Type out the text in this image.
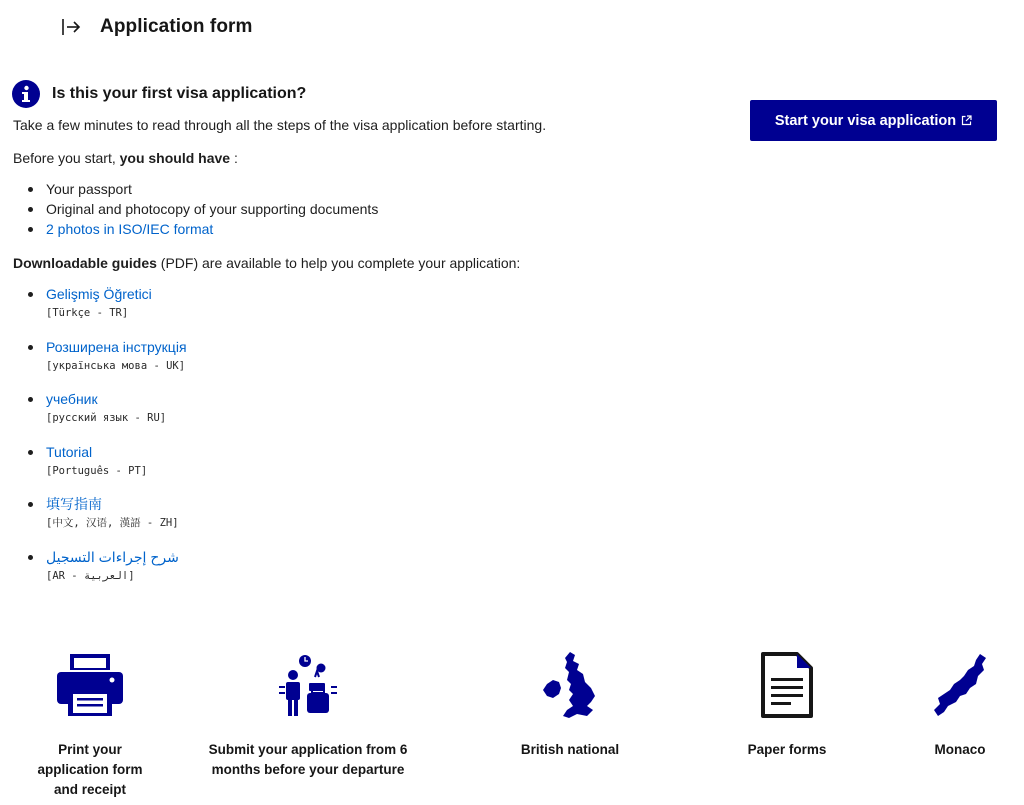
Application form
Is this your first visa application?

Take a few minutes to read through all the steps of the visa application before starting.

Before you start, you should have :

Your passport
Original and photocopy of your supporting documents
2 photos in ISO/IEC format

Downloadable guides (PDF) are available to help you complete your application:

Gelişmiş Öğretici
[Türkçe - TR]
Розширена інструкція
[українська мова - UK]
учебник
[русский язык - RU]
Tutorial
[Português - PT]
填写指南
[中文, 汉语, 漢語 - ZH]
شرح إجراءات التسجيل
[العربية - AR]
Start your visa application
Print your
application form
and receipt
Submit your application from 6
months before your departure
British national	Paper forms	Monaco
